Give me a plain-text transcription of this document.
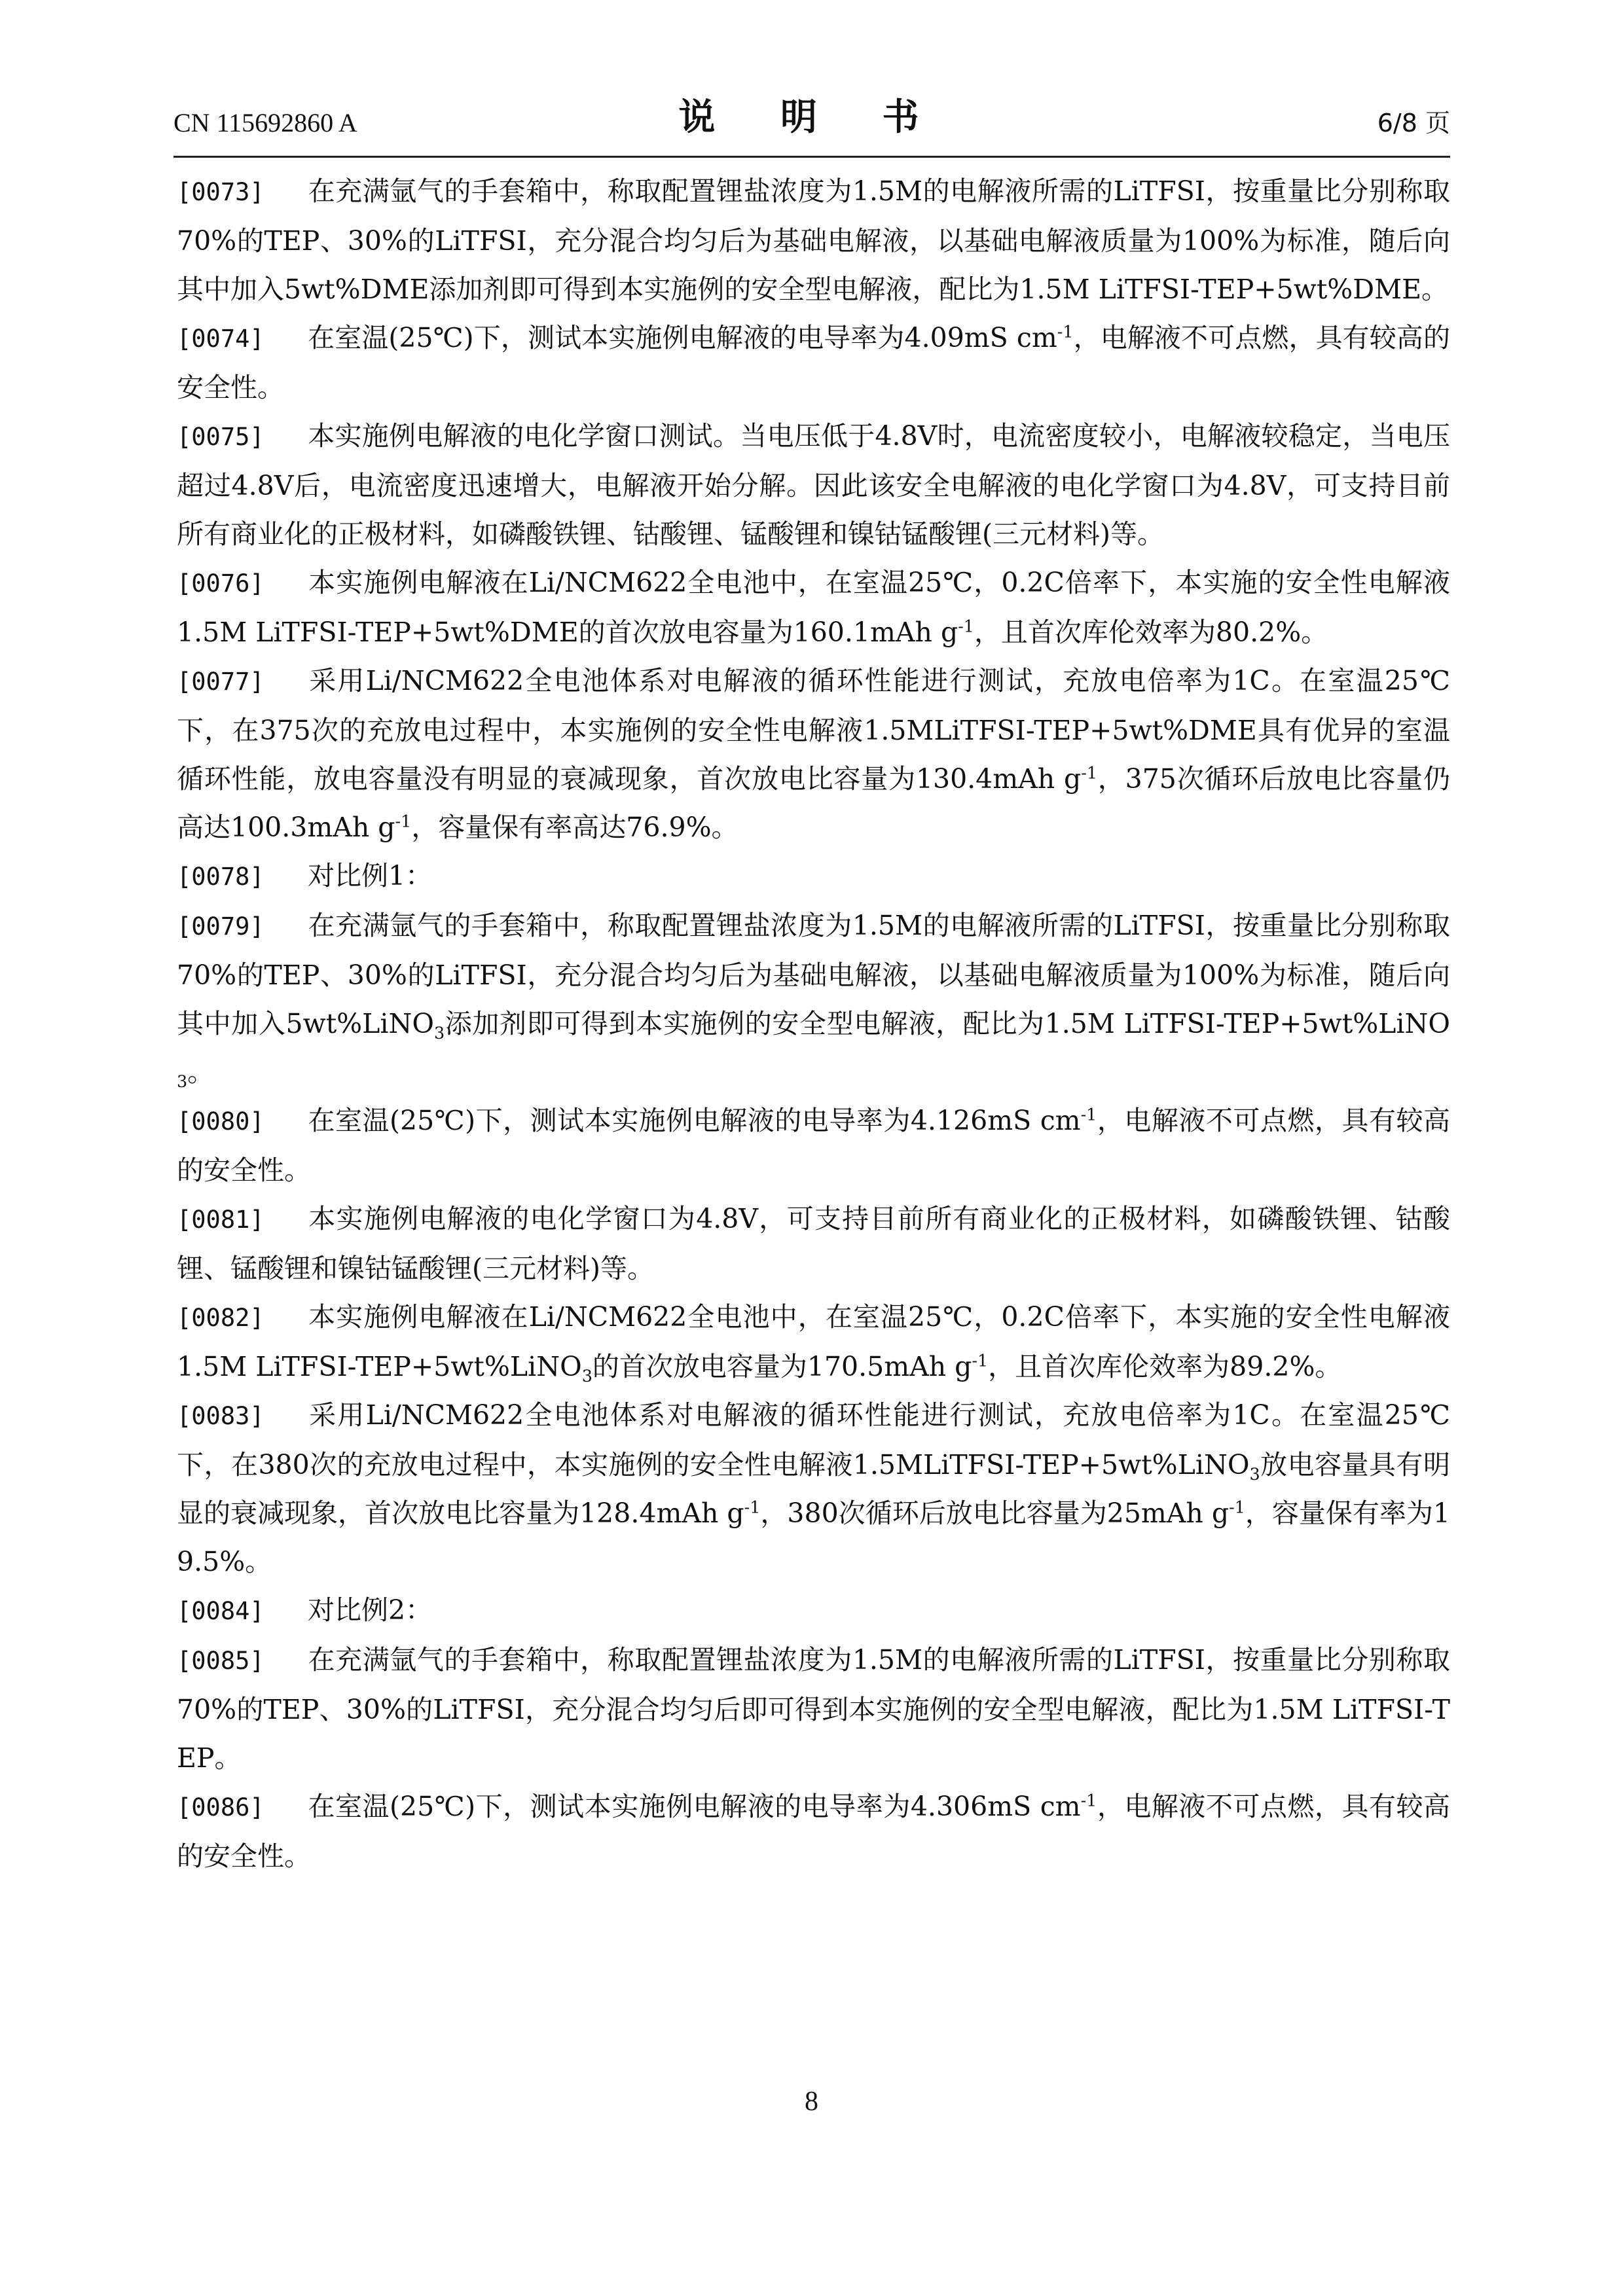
CN 115692860 A	说 明 书	6/8 页

[0073] 在充满氩气的手套箱中，称取配置锂盐浓度为1.5M的电解液所需的LiTFSI，按重量比分别称取70%的TEP、30%的LiTFSI，充分混合均匀后为基础电解液，以基础电解液质量为100%为标准，随后向其中加入5wt%DME添加剂即可得到本实施例的安全型电解液，配比为1.5M LiTFSI-TEP+5wt%DME。

[0074] 在室温(25℃)下，测试本实施例电解液的电导率为4.09mS $cm^{-1}$，电解液不可点燃，具有较高的安全性。

[0075] 本实施例电解液的电化学窗口测试。当电压低于4.8V时，电流密度较小，电解液较稳定，当电压超过4.8V后，电流密度迅速增大，电解液开始分解。因此该安全电解液的电化学窗口为4.8V，可支持目前所有商业化的正极材料，如磷酸铁锂、钴酸锂、锰酸锂和镍钴锰酸锂(三元材料)等。

[0076] 本实施例电解液在Li/NCM622全电池中，在室温25℃，0.2C倍率下，本实施的安全性电解液1.5M LiTFSI-TEP+5wt%DME的首次放电容量为160.1mAh $g^{-1}$，且首次库伦效率为80.2%。

[0077] 采用Li/NCM622全电池体系对电解液的循环性能进行测试，充放电倍率为1C。在室温25℃下，在375次的充放电过程中，本实施例的安全性电解液1.5MLiTFSI-TEP+5wt%DME具有优异的室温循环性能，放电容量没有明显的衰减现象，首次放电比容量为130.4mAh $g^{-1}$，375次循环后放电比容量仍高达100.3mAh $g^{-1}$，容量保有率高达76.9%。

[0078] 对比例1：

[0079] 在充满氩气的手套箱中，称取配置锂盐浓度为1.5M的电解液所需的LiTFSI，按重量比分别称取70%的TEP、30%的LiTFSI，充分混合均匀后为基础电解液，以基础电解液质量为100%为标准，随后向其中加入5wt%LiNO$_3$添加剂即可得到本实施例的安全型电解液，配比为1.5M LiTFSI-TEP+5wt%LiNO$_3$。

[0080] 在室温(25℃)下，测试本实施例电解液的电导率为4.126mS $cm^{-1}$，电解液不可点燃，具有较高的安全性。

[0081] 本实施例电解液的电化学窗口为4.8V，可支持目前所有商业化的正极材料，如磷酸铁锂、钴酸锂、锰酸锂和镍钴锰酸锂(三元材料)等。

[0082] 本实施例电解液在Li/NCM622全电池中，在室温25℃，0.2C倍率下，本实施的安全性电解液1.5M LiTFSI-TEP+5wt%LiNO$_3$的首次放电容量为170.5mAh $g^{-1}$，且首次库伦效率为89.2%。

[0083] 采用Li/NCM622全电池体系对电解液的循环性能进行测试，充放电倍率为1C。在室温25℃下，在380次的充放电过程中，本实施例的安全性电解液1.5MLiTFSI-TEP+5wt%LiNO$_3$放电容量具有明显的衰减现象，首次放电比容量为128.4mAh $g^{-1}$，380次循环后放电比容量为25mAh $g^{-1}$，容量保有率为19.5%。

[0084] 对比例2：

[0085] 在充满氩气的手套箱中，称取配置锂盐浓度为1.5M的电解液所需的LiTFSI，按重量比分别称取70%的TEP、30%的LiTFSI，充分混合均匀后即可得到本实施例的安全型电解液，配比为1.5M LiTFSI-TEP。

[0086] 在室温(25℃)下，测试本实施例电解液的电导率为4.306mS $cm^{-1}$，电解液不可点燃，具有较高的安全性。

8
